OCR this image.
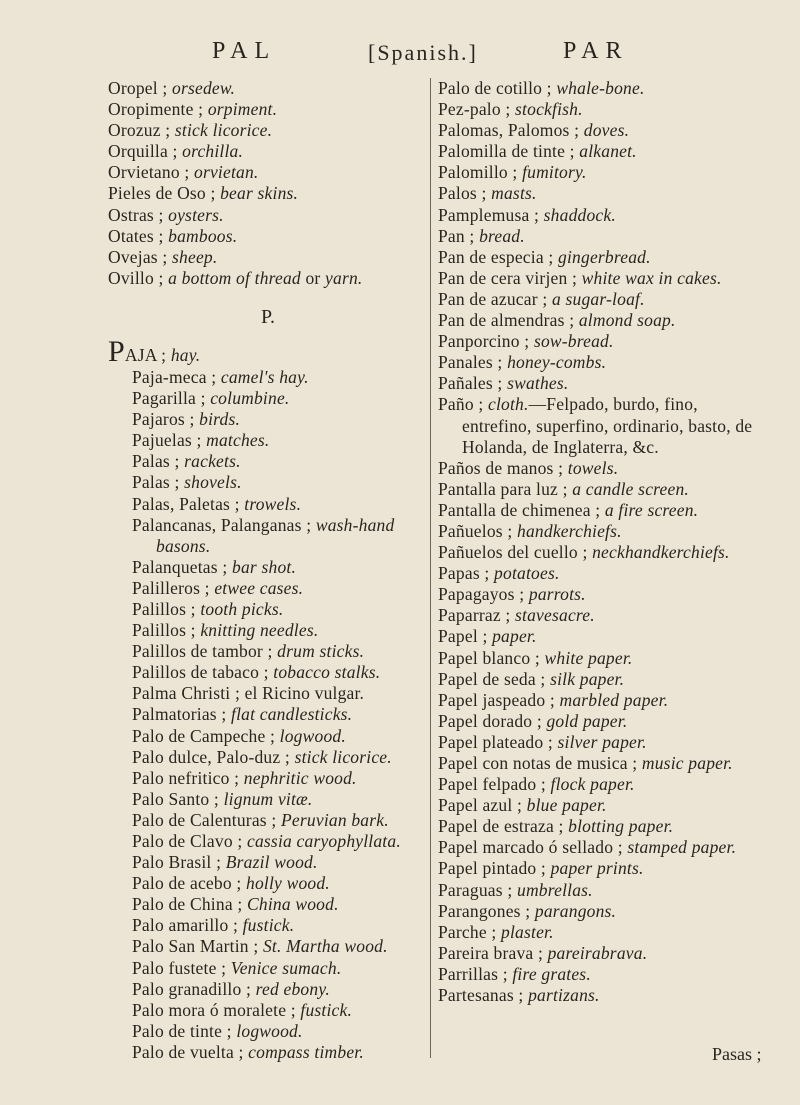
PAL	[Spanish.]	PAR
Oropel ; orsedew.
Oropimente ; orpiment.
Orozuz ; stick licorice.
Orquilla ; orchilla.
Orvietano ; orvietan.
Pieles de Oso ; bear skins.
Ostras ; oysters.
Otates ; bamboos.
Ovejas ; sheep.
Ovillo ; a bottom of thread or yarn.
P.
PAJA ; hay.
Paja-meca ; camel's hay.
Pagarilla ; columbine.
Pajaros ; birds.
Pajuelas ; matches.
Palas ; rackets.
Palas ; shovels.
Palas, Paletas ; trowels.
Palancanas, Palanganas ; wash-hand basons.
Palanquetas ; bar shot.
Palilleros ; etwee cases.
Palillos ; tooth picks.
Palillos ; knitting needles.
Palillos de tambor ; drum sticks.
Palillos de tabaco ; tobacco stalks.
Palma Christi ; el Ricino vulgar.
Palmatorias ; flat candlesticks.
Palo de Campeche ; logwood.
Palo dulce, Palo-duz ; stick licorice.
Palo nefritico ; nephritic wood.
Palo Santo ; lignum vitæ.
Palo de Calenturas ; Peruvian bark.
Palo de Clavo ; cassia caryophyllata.
Palo Brasil ; Brazil wood.
Palo de acebo ; holly wood.
Palo de China ; China wood.
Palo amarillo ; fustick.
Palo San Martin ; St. Martha wood.
Palo fustete ; Venice sumach.
Palo granadillo ; red ebony.
Palo mora ó moralete ; fustick.
Palo de tinte ; logwood.
Palo de vuelta ; compass timber.
Palo de cotillo ; whale-bone.
Pez-palo ; stockfish.
Palomas, Palomos ; doves.
Palomilla de tinte ; alkanet.
Palomillo ; fumitory.
Palos ; masts.
Pamplemusa ; shaddock.
Pan ; bread.
Pan de especia ; gingerbread.
Pan de cera virjen ; white wax in cakes.
Pan de azucar ; a sugar-loaf.
Pan de almendras ; almond soap.
Panporcino ; sow-bread.
Panales ; honey-combs.
Pañales ; swathes.
Paño ; cloth.—Felpado, burdo, fino, entrefino, superfino, ordinario, basto, de Holanda, de Inglaterra, &c.
Paños de manos ; towels.
Pantalla para luz ; a candle screen.
Pantalla de chimenea ; a fire screen.
Pañuelos ; handkerchiefs.
Pañuelos del cuello ; neckhandkerchiefs.
Papas ; potatoes.
Papagayos ; parrots.
Paparraz ; stavesacre.
Papel ; paper.
Papel blanco ; white paper.
Papel de seda ; silk paper.
Papel jaspeado ; marbled paper.
Papel dorado ; gold paper.
Papel plateado ; silver paper.
Papel con notas de musica ; music paper.
Papel felpado ; flock paper.
Papel azul ; blue paper.
Papel de estraza ; blotting paper.
Papel marcado ó sellado ; stamped paper.
Papel pintado ; paper prints.
Paraguas ; umbrellas.
Parangones ; parangons.
Parche ; plaster.
Pareira brava ; pareirabrava.
Parrillas ; fire grates.
Partesanas ; partizans.
Pasas ;
